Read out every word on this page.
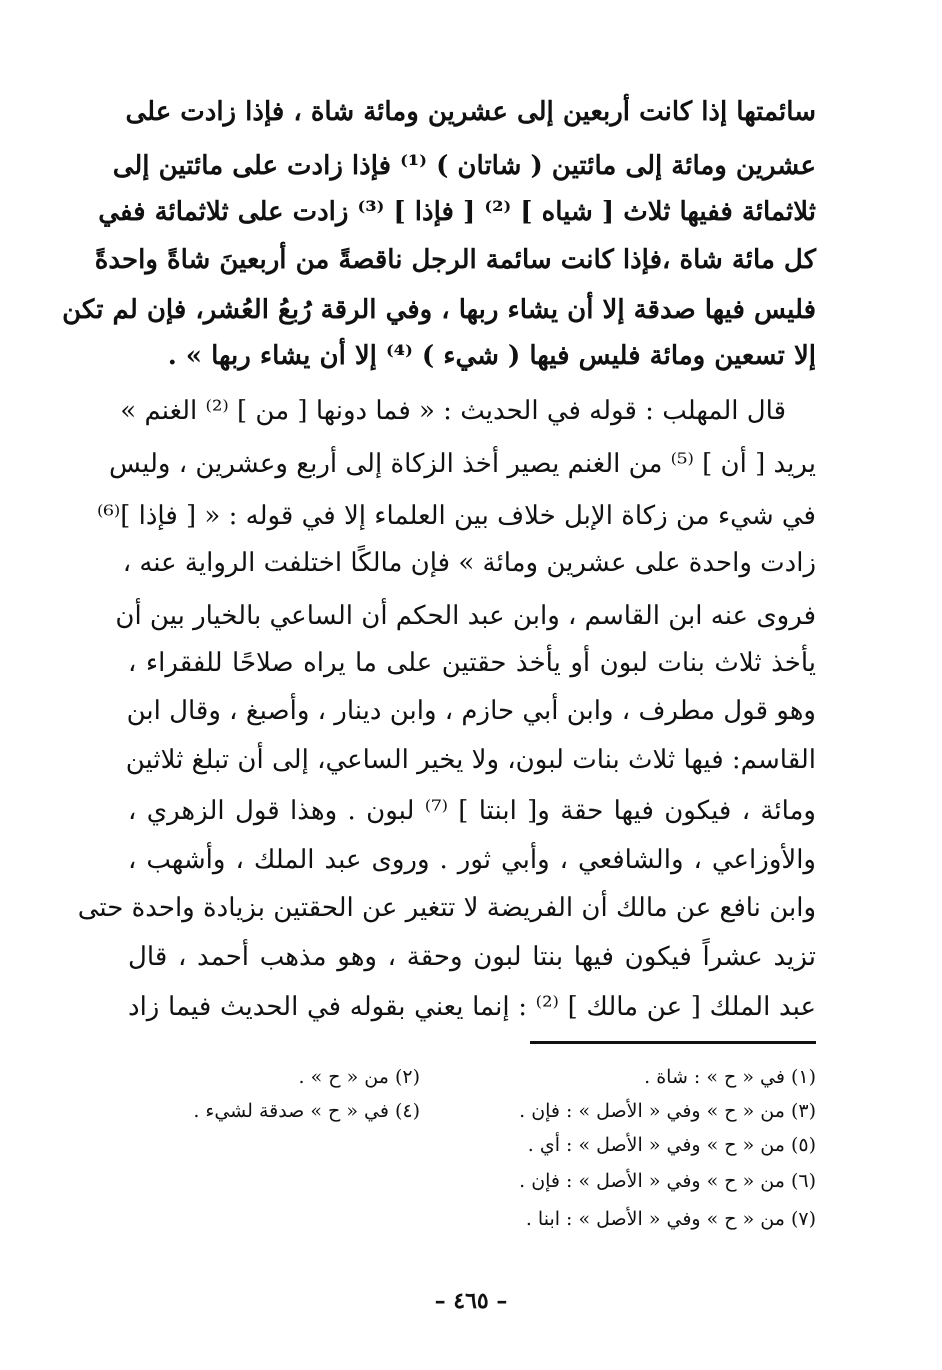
سائمتها إذا كانت أربعين إلى عشرين ومائة شاة ، فإذا زادت على
عشرين ومائة إلى مائتين ( شاتان ) ⁽¹⁾ فإذا زادت على مائتين إلى
ثلاثمائة ففيها ثلاث [ شياه ] ⁽²⁾ [ فإذا ] ⁽³⁾ زادت على ثلاثمائة ففي
كل مائة شاة ،فإذا كانت سائمة الرجل ناقصةً من أربعينَ شاةً واحدةً
فليس فيها صدقة إلا أن يشاء ربها ، وفي الرقة رُبعُ العُشر، فإن لم تكن
إلا تسعين ومائة فليس فيها ( شيء ) ⁽⁴⁾ إلا أن يشاء ربها » .
قال المهلب : قوله في الحديث : « فما دونها [ من ] ⁽²⁾ الغنم »
يريد [ أن ] ⁽⁵⁾ من الغنم يصير أخذ الزكاة إلى أربع وعشرين ، وليس
في شيء من زكاة الإبل خلاف بين العلماء إلا في قوله : « [ فإذا ]⁽⁶⁾
زادت واحدة على عشرين ومائة » فإن مالكًا اختلفت الرواية عنه ،
فروى عنه ابن القاسم ، وابن عبد الحكم أن الساعي بالخيار بين أن
يأخذ ثلاث بنات لبون أو يأخذ حقتين على ما يراه صلاحًا للفقراء ،
وهو قول مطرف ، وابن أبي حازم ، وابن دينار ، وأصبغ ، وقال ابن
القاسم: فيها ثلاث بنات لبون، ولا يخير الساعي، إلى أن تبلغ ثلاثين
ومائة ، فيكون فيها حقة و[ ابنتا ] ⁽⁷⁾ لبون . وهذا قول الزهري ،
والأوزاعي ، والشافعي ، وأبي ثور . وروى عبد الملك ، وأشهب ،
وابن نافع عن مالك أن الفريضة لا تتغير عن الحقتين بزيادة واحدة حتى
تزيد عشراً فيكون فيها بنتا لبون وحقة ، وهو مذهب أحمد ، قال
عبد الملك [ عن مالك ] ⁽²⁾ : إنما يعني بقوله في الحديث فيما زاد
(١) في « ح » : شاة .
(٣) من « ح » وفي « الأصل » : فإن .
(٥) من « ح » وفي « الأصل » : أي .
(٦) من « ح » وفي « الأصل » : فإن .
(٧) من « ح » وفي « الأصل » : ابنا .
(٢) من « ح » .
(٤) في « ح » صدقة لشيء .
– ٤٦٥ –
